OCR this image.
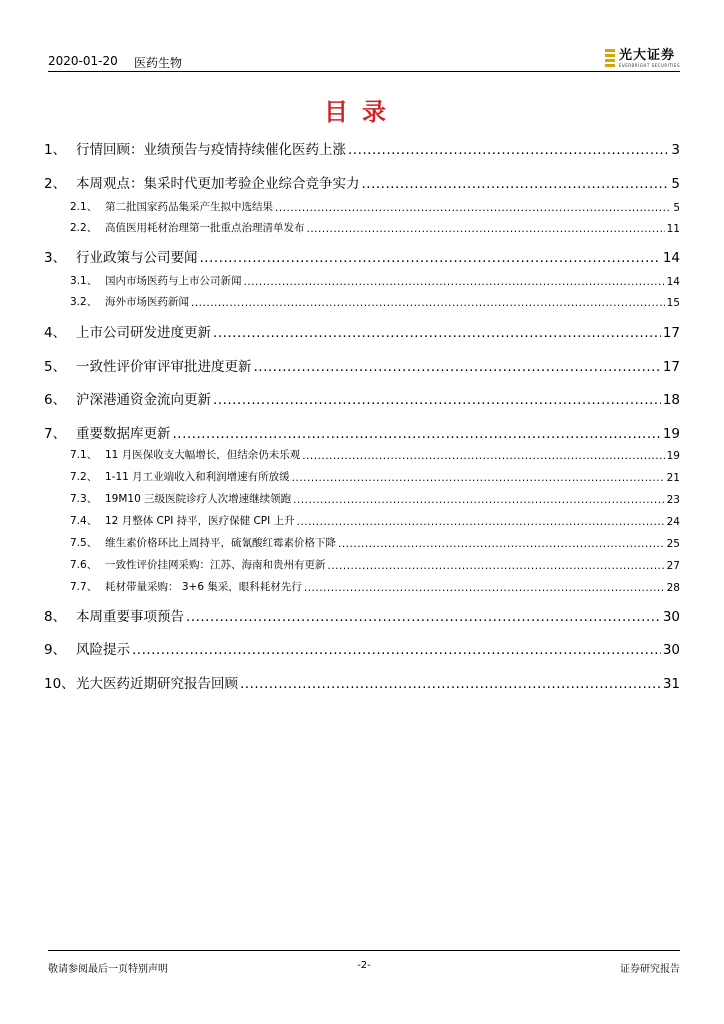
2020-01-20 医药生物
光大证券
EVERBRIGHT SECURITIES
目录
1、 行情回顾：业绩预告与疫情持续催化医药上涨 .....	3
2、 本周观点：集采时代更加考验企业综合竞争实力 .....	5
2.1、 第二批国家药品集采产生拟中选结果 .....	5
2.2、 高值医用耗材治理第一批重点治理清单发布 .....	11
3、 行业政策与公司要闻 .....	14
3.1、 国内市场医药与上市公司新闻 .....	14
3.2、 海外市场医药新闻 .....	15
4、 上市公司研发进度更新 .....	17
5、 一致性评价审评审批进度更新 .....	17
6、 沪深港通资金流向更新 .....	18
7、 重要数据库更新 .....	19
7.1、 11 月医保收支大幅增长，但结余仍未乐观 .....	19
7.2、 1-11 月工业端收入和利润增速有所放缓 .....	21
7.3、 19M10 三级医院诊疗人次增速继续领跑 .....	23
7.4、 12 月整体 CPI 持平，医疗保健 CPI 上升 .....	24
7.5、 维生素价格环比上周持平，硫氰酸红霉素价格下降 .....	25
7.6、 一致性评价挂网采购：江苏、海南和贵州有更新 .....	27
7.7、 耗材带量采购： 3+6 集采，眼科耗材先行 .....	28
8、 本周重要事项预告 .....	30
9、 风险提示 .....	30
10、 光大医药近期研究报告回顾 .....	31
敬请参阅最后一页特别声明	-2-	证券研究报告
